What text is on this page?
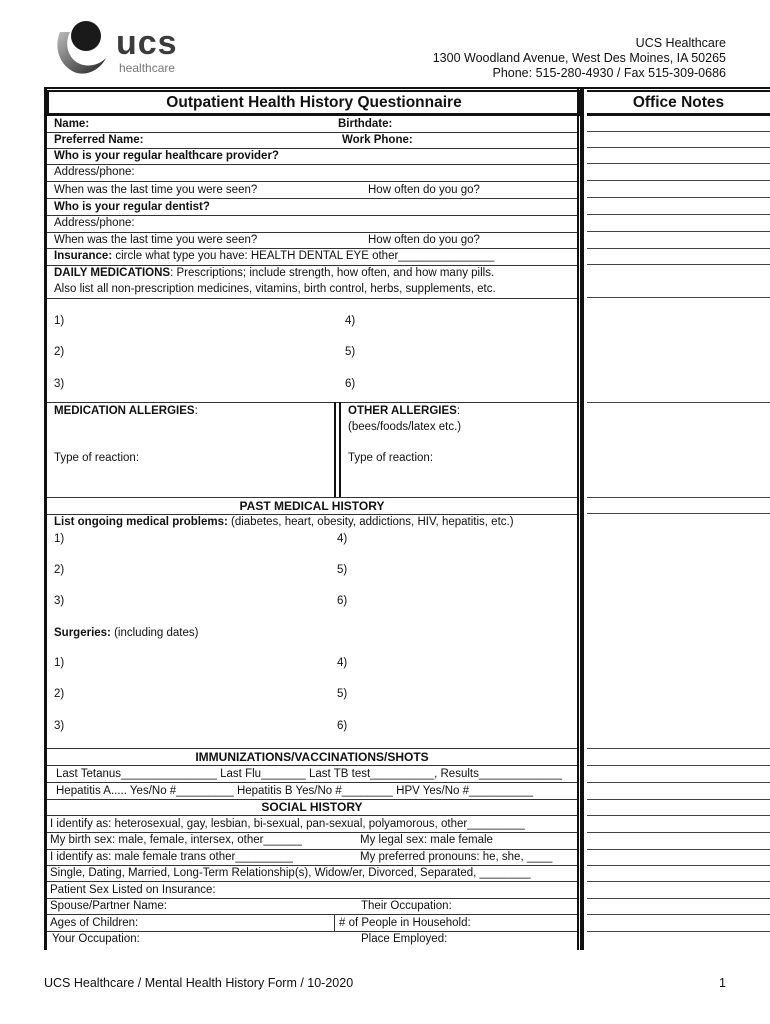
ucs
healthcare
UCS Healthcare
1300 Woodland Avenue, West Des Moines, IA 50265
Phone: 515-280-4930 / Fax 515-309-0686
Outpatient Health History Questionnaire	Office Notes
Name:	Birthdate:
Preferred Name:	Work Phone:
Who is your regular healthcare provider?
Address/phone:
When was the last time you were seen?	How often do you go?
Who is your regular dentist?
Address/phone:
When was the last time you were seen?	How often do you go?
Insurance: circle what type you have: HEALTH DENTAL EYE other_______________
DAILY MEDICATIONS: Prescriptions; include strength, how often, and how many pills.
Also list all non-prescription medicines, vitamins, birth control, herbs, supplements, etc.
1)	4)
2)	5)
3)	6)
MEDICATION ALLERGIES:	OTHER ALLERGIES:
(bees/foods/latex etc.)
Type of reaction:	Type of reaction:
PAST MEDICAL HISTORY
List ongoing medical problems: (diabetes, heart, obesity, addictions, HIV, hepatitis, etc.)
1)	4)
2)	5)
3)	6)
Surgeries: (including dates)
1)	4)
2)	5)
3)	6)
IMMUNIZATIONS/VACCINATIONS/SHOTS
Last Tetanus_______________ Last Flu_______ Last TB test__________, Results_____________
Hepatitis A..... Yes/No #_________ Hepatitis B Yes/No #________ HPV Yes/No #__________
SOCIAL HISTORY
I identify as: heterosexual, gay, lesbian, bi-sexual, pan-sexual, polyamorous, other_________
My birth sex: male, female, intersex, other______	My legal sex: male female
I identify as: male female trans other_________	My preferred pronouns: he, she, ____
Single, Dating, Married, Long-Term Relationship(s), Widow/er, Divorced, Separated, ________
Patient Sex Listed on Insurance:
Spouse/Partner Name:	Their Occupation:
Ages of Children:	# of People in Household:
Your Occupation:	Place Employed:
UCS Healthcare / Mental Health History Form / 10-2020	1
